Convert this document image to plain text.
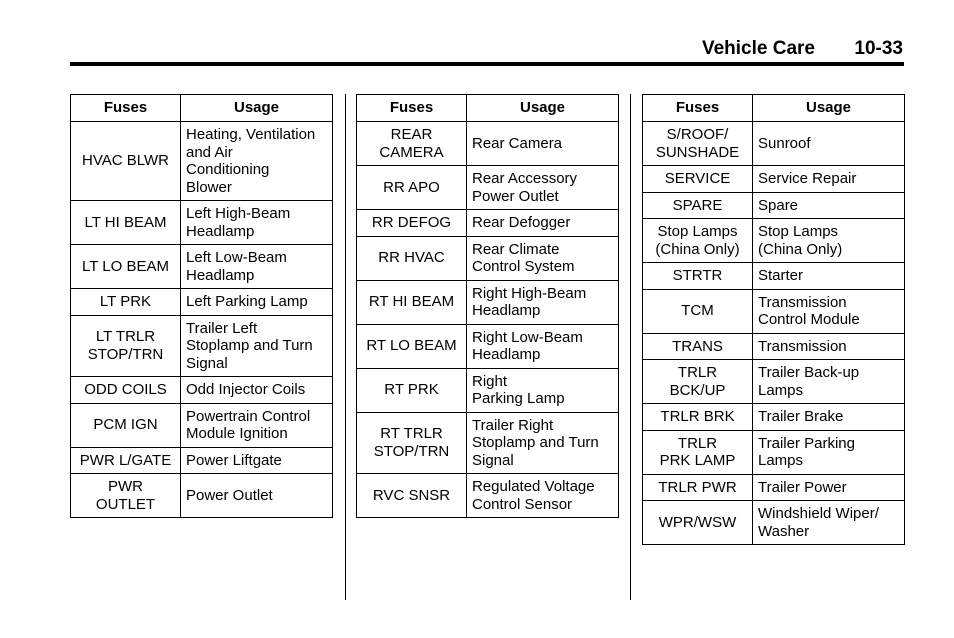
Vehicle Care 10-33
Fuses	Usage
HVAC BLWR	Heating, Ventilation
and Air
Conditioning
Blower
LT HI BEAM	Left High-Beam
Headlamp
LT LO BEAM	Left Low-Beam
Headlamp
LT PRK	Left Parking Lamp
LT TRLR
STOP/TRN	Trailer Left
Stoplamp and Turn
Signal
ODD COILS	Odd Injector Coils
PCM IGN	Powertrain Control
Module Ignition
PWR L/GATE	Power Liftgate
PWR
OUTLET	Power Outlet
Fuses	Usage
REAR
CAMERA	Rear Camera
RR APO	Rear Accessory
Power Outlet
RR DEFOG	Rear Defogger
RR HVAC	Rear Climate
Control System
RT HI BEAM	Right High-Beam
Headlamp
RT LO BEAM	Right Low-Beam
Headlamp
RT PRK	Right
Parking Lamp
RT TRLR
STOP/TRN	Trailer Right
Stoplamp and Turn
Signal
RVC SNSR	Regulated Voltage
Control Sensor
Fuses	Usage
S/ROOF/
SUNSHADE	Sunroof
SERVICE	Service Repair
SPARE	Spare
Stop Lamps
(China Only)	Stop Lamps
(China Only)
STRTR	Starter
TCM	Transmission
Control Module
TRANS	Transmission
TRLR
BCK/UP	Trailer Back-up
Lamps
TRLR BRK	Trailer Brake
TRLR
PRK LAMP	Trailer Parking
Lamps
TRLR PWR	Trailer Power
WPR/WSW	Windshield Wiper/
Washer
